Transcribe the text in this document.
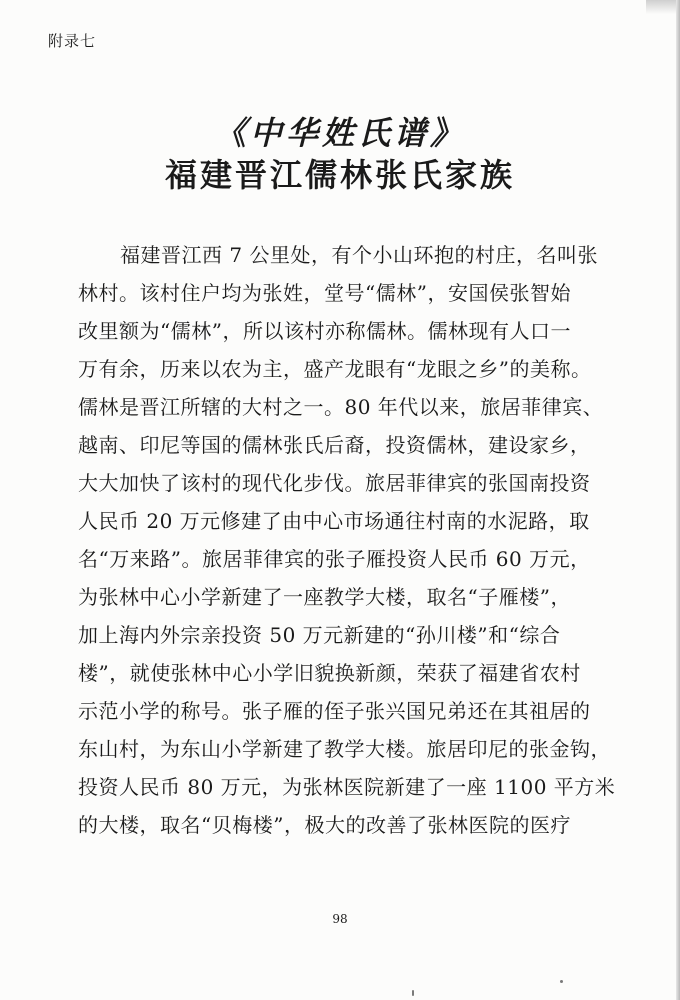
附录七
《中华姓氏谱》
福建晋江儒林张氏家族
福建晋江西 7 公里处，有个小山环抱的村庄，名叫张
林村。该村住户均为张姓，堂号“儒林”，安国侯张智始
改里额为“儒林”，所以该村亦称儒林。儒林现有人口一
万有余，历来以农为主，盛产龙眼有“龙眼之乡”的美称。
儒林是晋江所辖的大村之一。80 年代以来，旅居菲律宾、
越南、印尼等国的儒林张氏后裔，投资儒林，建设家乡，
大大加快了该村的现代化步伐。旅居菲律宾的张国南投资
人民币 20 万元修建了由中心市场通往村南的水泥路，取
名“万来路”。旅居菲律宾的张子雁投资人民币 60 万元，
为张林中心小学新建了一座教学大楼，取名“子雁楼”，
加上海内外宗亲投资 50 万元新建的“孙川楼”和“综合
楼”，就使张林中心小学旧貌换新颜，荣获了福建省农村
示范小学的称号。张子雁的侄子张兴国兄弟还在其祖居的
东山村，为东山小学新建了教学大楼。旅居印尼的张金钩，
投资人民币 80 万元，为张林医院新建了一座 1100 平方米
的大楼，取名“贝梅楼”，极大的改善了张林医院的医疗
98
